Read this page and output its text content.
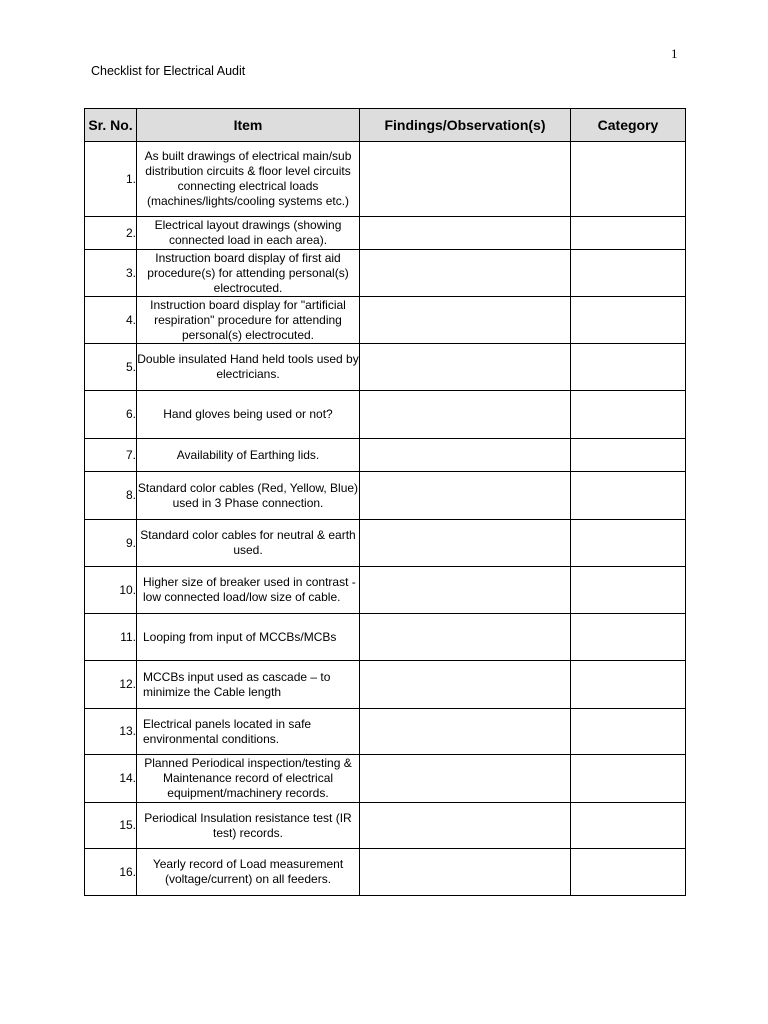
1
Checklist for Electrical Audit
Sr. No.	Item	Findings/Observation(s)	Category
1.	As built drawings of electrical main/sub distribution circuits & floor level circuits connecting electrical loads (machines/lights/cooling systems etc.)		
2.	Electrical layout drawings (showing connected load in each area).		
3.	Instruction board display of first aid procedure(s) for attending personal(s) electrocuted.		
4.	Instruction board display for "artificial respiration" procedure for attending personal(s) electrocuted.		
5.	Double insulated Hand held tools used by electricians.		
6.	Hand gloves being used or not?		
7.	Availability of Earthing lids.		
8.	Standard color cables (Red, Yellow, Blue) used in 3 Phase connection.		
9.	Standard color cables for neutral & earth used.		
10.	Higher size of breaker used in contrast -low connected load/low size of cable.		
11.	Looping from input of MCCBs/MCBs		
12.	MCCBs input used as cascade – to minimize the Cable length		
13.	Electrical panels located in safe environmental conditions.		
14.	Planned Periodical inspection/testing & Maintenance record of electrical equipment/machinery records.		
15.	Periodical Insulation resistance test (IR test) records.		
16.	Yearly record of Load measurement (voltage/current) on all feeders.		
